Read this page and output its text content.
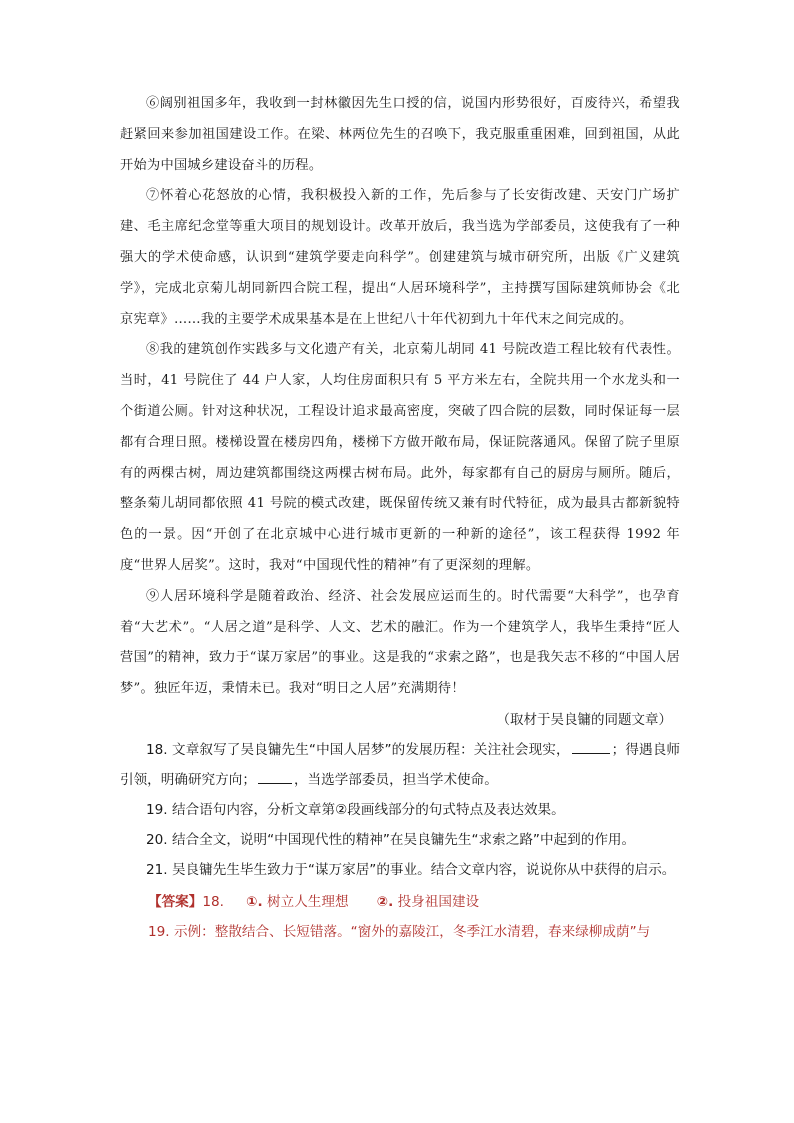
⑥阔别祖国多年，我收到一封林徽因先生口授的信，说国内形势很好，百废待兴，希望我赶紧回来参加祖国建设工作。在梁、林两位先生的召唤下，我克服重重困难，回到祖国，从此开始为中国城乡建设奋斗的历程。

⑦怀着心花怒放的心情，我积极投入新的工作，先后参与了长安街改建、天安门广场扩建、毛主席纪念堂等重大项目的规划设计。改革开放后，我当选为学部委员，这使我有了一种强大的学术使命感，认识到“建筑学要走向科学”。创建建筑与城市研究所，出版《广义建筑学》，完成北京菊儿胡同新四合院工程，提出“人居环境科学”，主持撰写国际建筑师协会《北京宪章》……我的主要学术成果基本是在上世纪八十年代初到九十年代末之间完成的。

⑧我的建筑创作实践多与文化遗产有关，北京菊儿胡同 41 号院改造工程比较有代表性。当时，41 号院住了 44 户人家，人均住房面积只有 5 平方米左右，全院共用一个水龙头和一个街道公厕。针对这种状况，工程设计追求最高密度，突破了四合院的层数，同时保证每一层都有合理日照。楼梯设置在楼房四角，楼梯下方做开敞布局，保证院落通风。保留了院子里原有的两棵古树，周边建筑都围绕这两棵古树布局。此外，每家都有自己的厨房与厕所。随后，整条菊儿胡同都依照 41 号院的模式改建，既保留传统又兼有时代特征，成为最具古都新貌特色的一景。因“开创了在北京城中心进行城市更新的一种新的途径”，该工程获得 1992 年度“世界人居奖”。这时，我对“中国现代性的精神”有了更深刻的理解。

⑨人居环境科学是随着政治、经济、社会发展应运而生的。时代需要“大科学”，也孕育着“大艺术”。“人居之道”是科学、人文、艺术的融汇。作为一个建筑学人，我毕生秉持“匠人营国”的精神，致力于“谋万家居”的事业。这是我的“求索之路”，也是我矢志不移的“中国人居梦”。独匠年迈，秉情未已。我对“明日之人居”充满期待！

（取材于吴良镛的同题文章）

18. 文章叙写了吴良镛先生“中国人居梦”的发展历程：关注社会现实，	；得遇良师引领，明确研究方向；	，当选学部委员，担当学术使命。

19. 结合语句内容，分析文章第②段画线部分的句式特点及表达效果。

20. 结合全文，说明“中国现代性的精神”在吴良镛先生“求索之路”中起到的作用。

21. 吴良镛先生毕生致力于“谋万家居”的事业。结合文章内容，说说你从中获得的启示。

【答案】18. ①. 树立人生理想 ②. 投身祖国建设

19. 示例：整散结合、长短错落。“窗外的嘉陵江，冬季江水清碧，春来绿柳成荫”与
